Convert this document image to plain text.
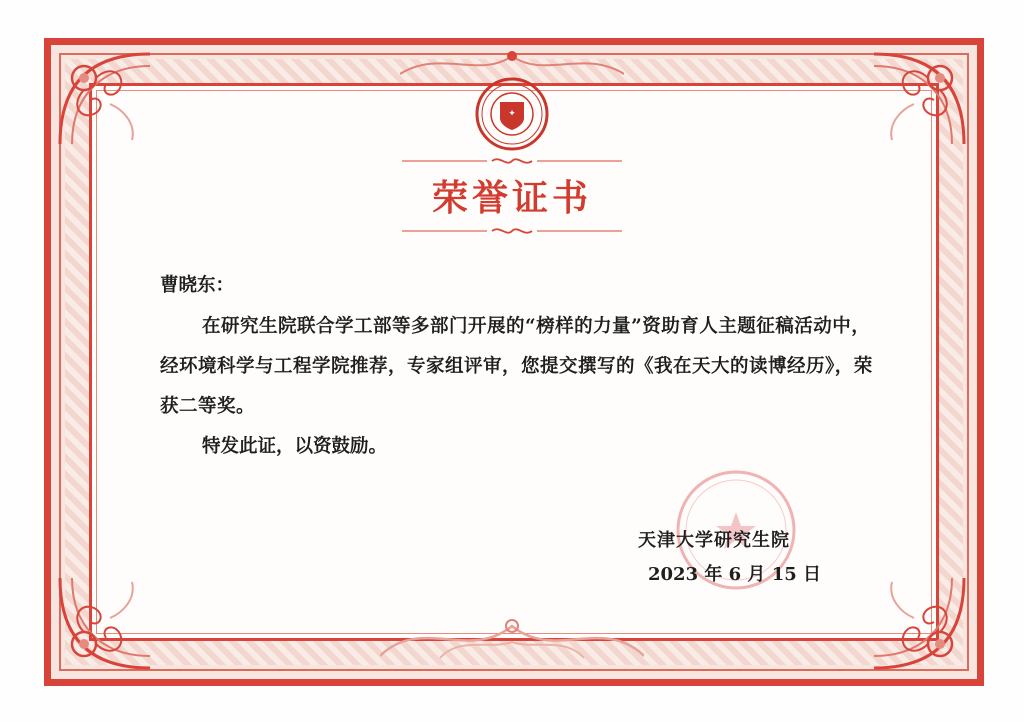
✦
荣誉证书
曹晓东：
在研究生院联合学工部等多部门开展的“榜样的力量”资助育人主题征稿活动中，经环境科学与工程学院推荐，专家组评审，您提交撰写的《我在天大的读博经历》，荣获二等奖。
特发此证，以资鼓励。
天津大学研究生院
2023 年 6 月 15 日
